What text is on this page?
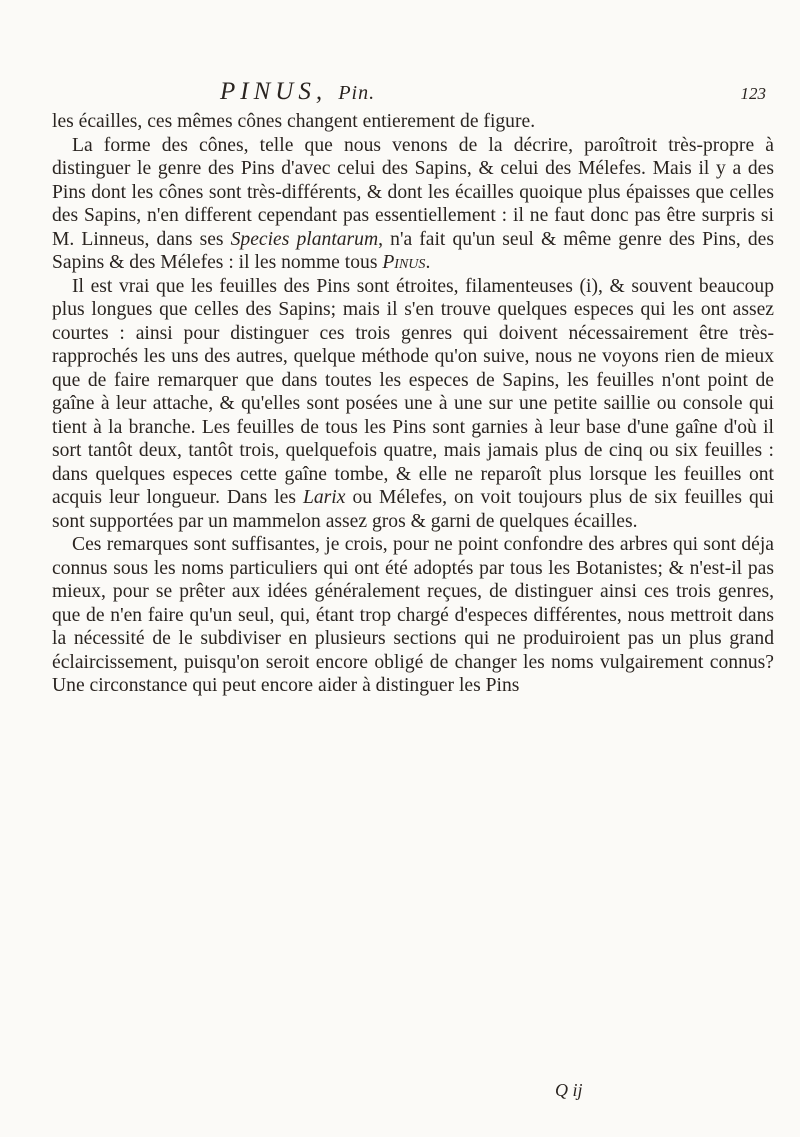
PINUS, Pin.	123

les écailles, ces mêmes cônes changent entierement de figure.

La forme des cônes, telle que nous venons de la décrire, paroîtroit très-propre à distinguer le genre des Pins d'avec celui des Sapins, & celui des Mélefes. Mais il y a des Pins dont les cônes sont très-différents, & dont les écailles quoique plus épaisses que celles des Sapins, n'en different cependant pas essentiellement : il ne faut donc pas être surpris si M. Linneus, dans ses Species plantarum, n'a fait qu'un seul & même genre des Pins, des Sapins & des Mélefes : il les nomme tous Pinus.

Il est vrai que les feuilles des Pins sont étroites, filamenteuses (i), & souvent beaucoup plus longues que celles des Sapins; mais il s'en trouve quelques especes qui les ont assez courtes : ainsi pour distinguer ces trois genres qui doivent nécessairement être très-rapprochés les uns des autres, quelque méthode qu'on suive, nous ne voyons rien de mieux que de faire remarquer que dans toutes les especes de Sapins, les feuilles n'ont point de gaîne à leur attache, & qu'elles sont posées une à une sur une petite saillie ou console qui tient à la branche. Les feuilles de tous les Pins sont garnies à leur base d'une gaîne d'où il sort tantôt deux, tantôt trois, quelquefois quatre, mais jamais plus de cinq ou six feuilles : dans quelques especes cette gaîne tombe, & elle ne reparoît plus lorsque les feuilles ont acquis leur longueur. Dans les Larix ou Mélefes, on voit toujours plus de six feuilles qui sont supportées par un mammelon assez gros & garni de quelques écailles.

Ces remarques sont suffisantes, je crois, pour ne point confondre des arbres qui sont déja connus sous les noms particuliers qui ont été adoptés par tous les Botanistes; & n'est-il pas mieux, pour se prêter aux idées généralement reçues, de distinguer ainsi ces trois genres, que de n'en faire qu'un seul, qui, étant trop chargé d'especes différentes, nous mettroit dans la nécessité de le subdiviser en plusieurs sections qui ne produiroient pas un plus grand éclaircissement, puisqu'on seroit encore obligé de changer les noms vulgairement connus? Une circonstance qui peut encore aider à distinguer les Pins

Q ij
